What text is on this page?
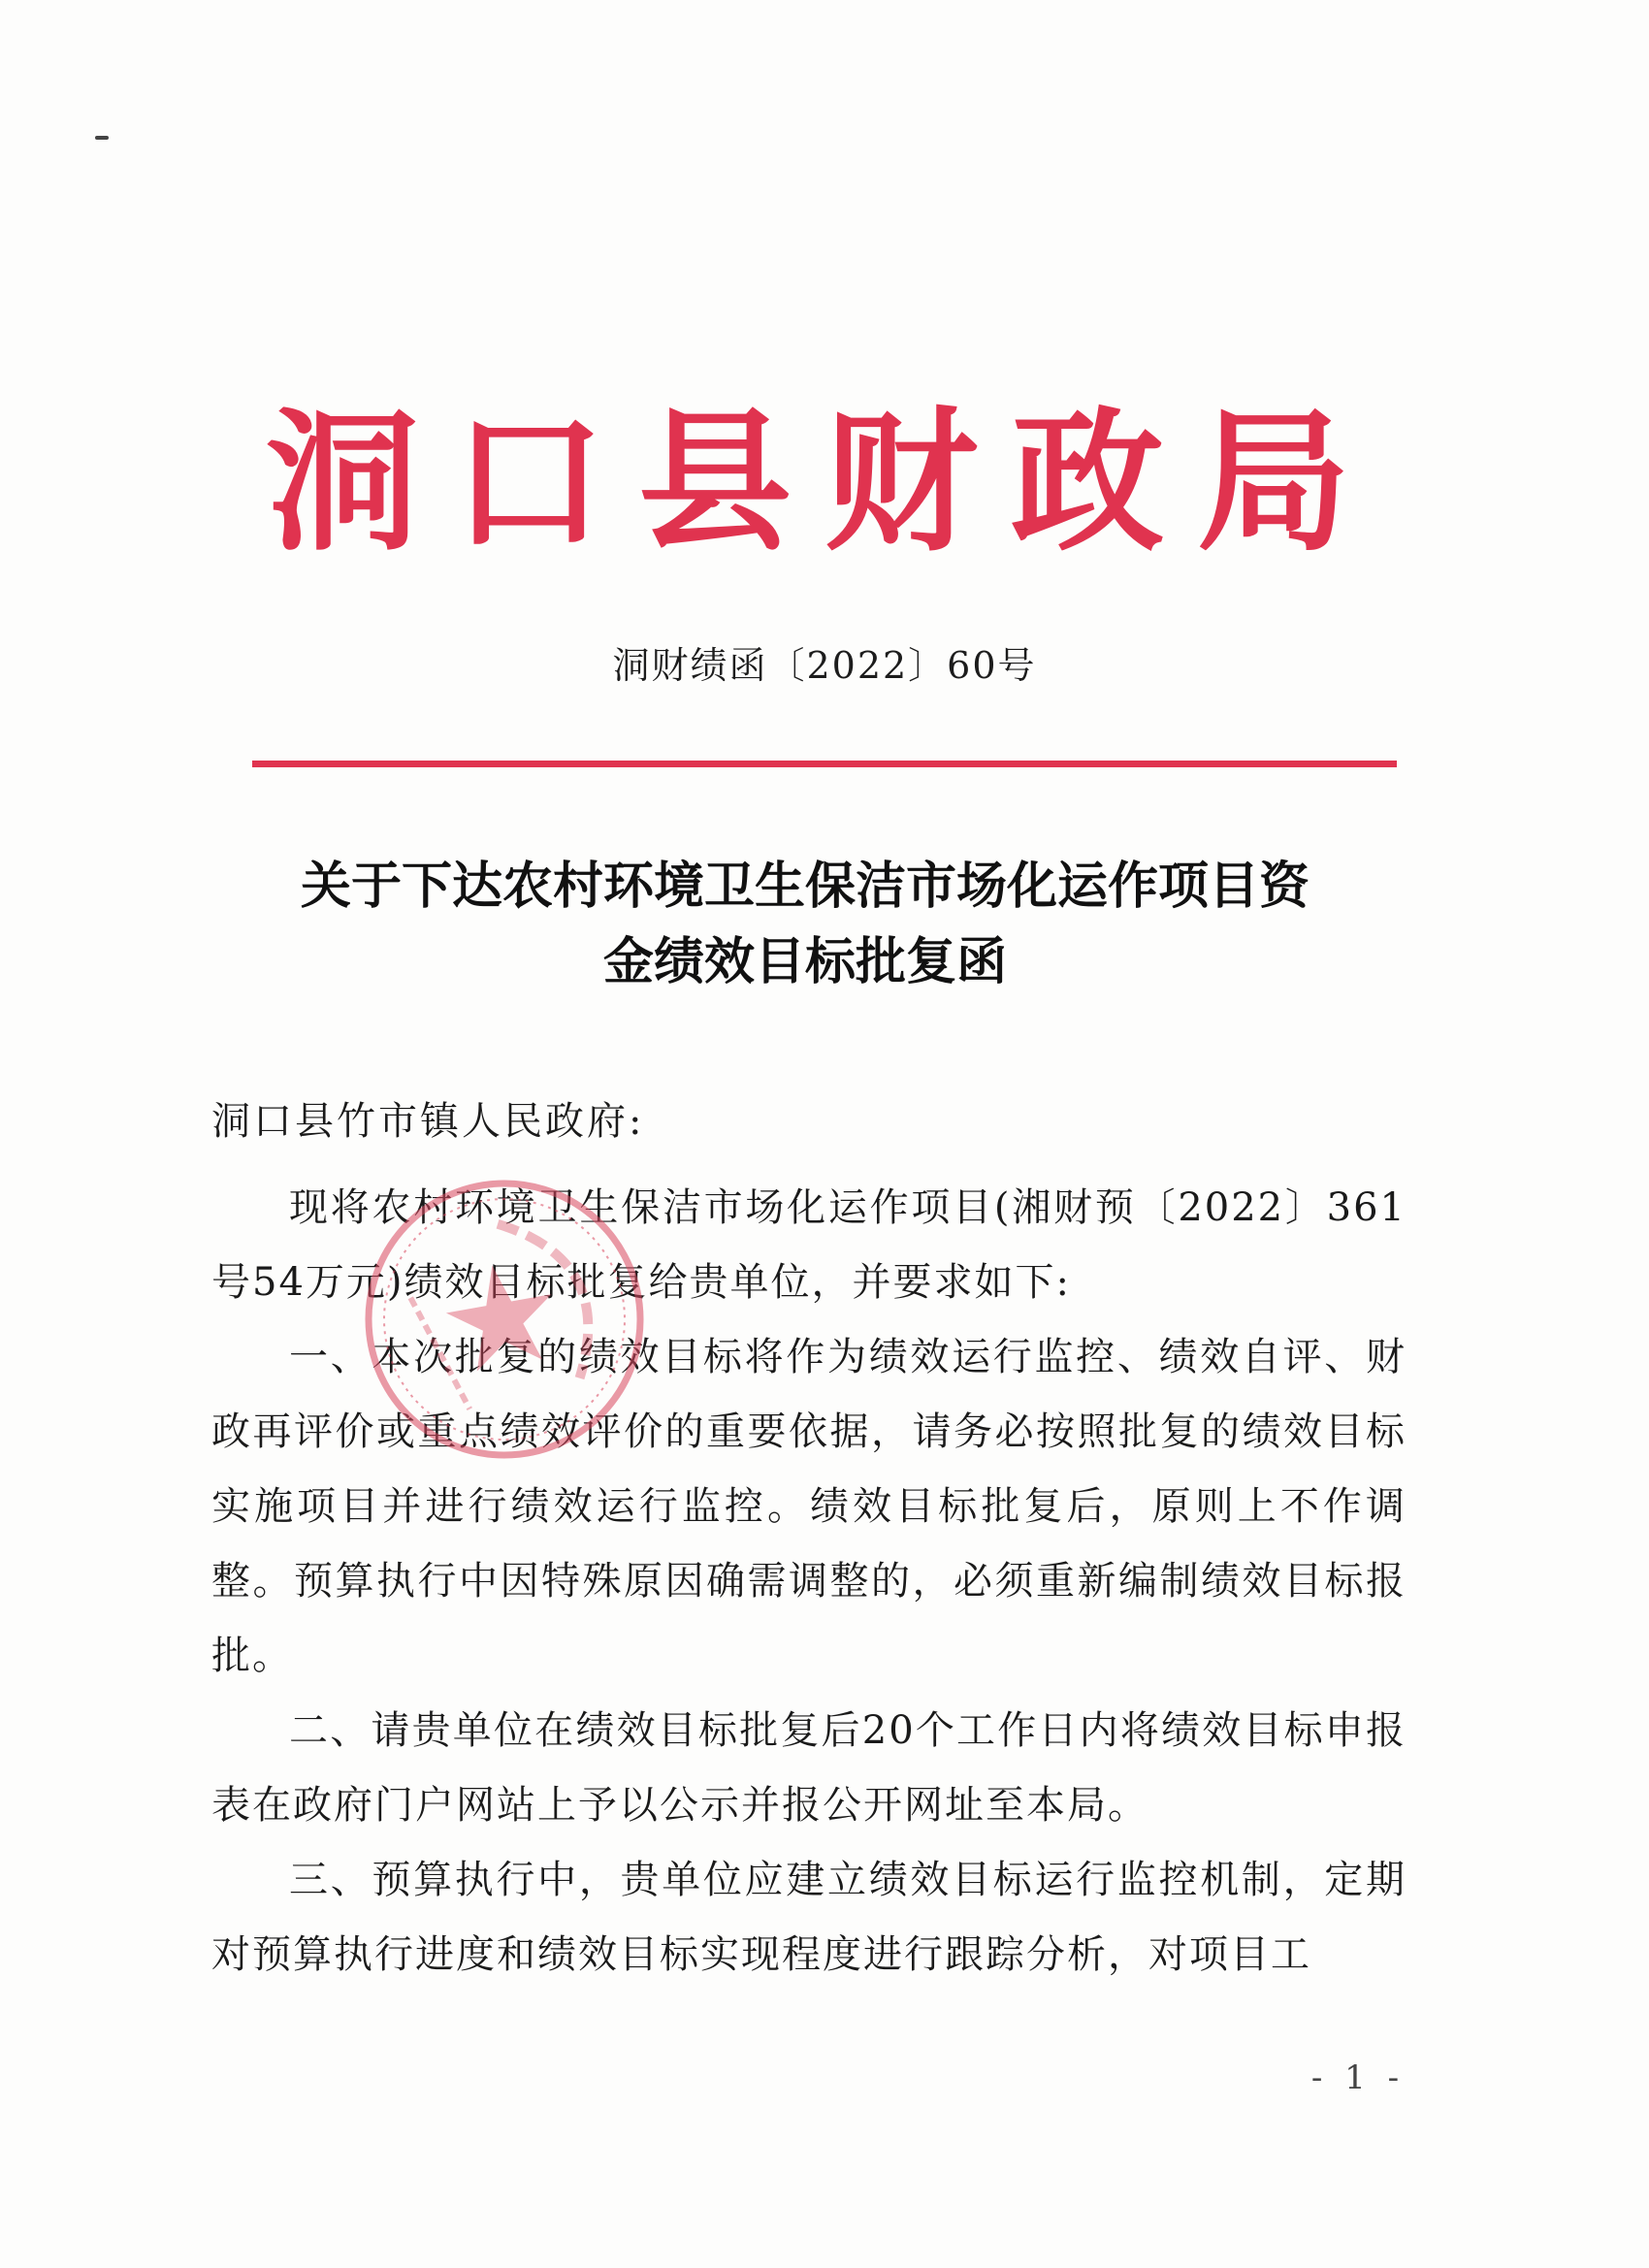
洞口县财政局
洞财绩函〔2022〕60号
关于下达农村环境卫生保洁市场化运作项目资
金绩效目标批复函
洞口县竹市镇人民政府:

现将农村环境卫生保洁市场化运作项目(湘财预〔2022〕361号54万元)绩效目标批复给贵单位，并要求如下:

一、本次批复的绩效目标将作为绩效运行监控、绩效自评、财政再评价或重点绩效评价的重要依据，请务必按照批复的绩效目标实施项目并进行绩效运行监控。绩效目标批复后，原则上不作调整。预算执行中因特殊原因确需调整的，必须重新编制绩效目标报批。

二、请贵单位在绩效目标批复后20个工作日内将绩效目标申报表在政府门户网站上予以公示并报公开网址至本局。

三、预算执行中，贵单位应建立绩效目标运行监控机制，定期对预算执行进度和绩效目标实现程度进行跟踪分析，对项目工

- 1 -
